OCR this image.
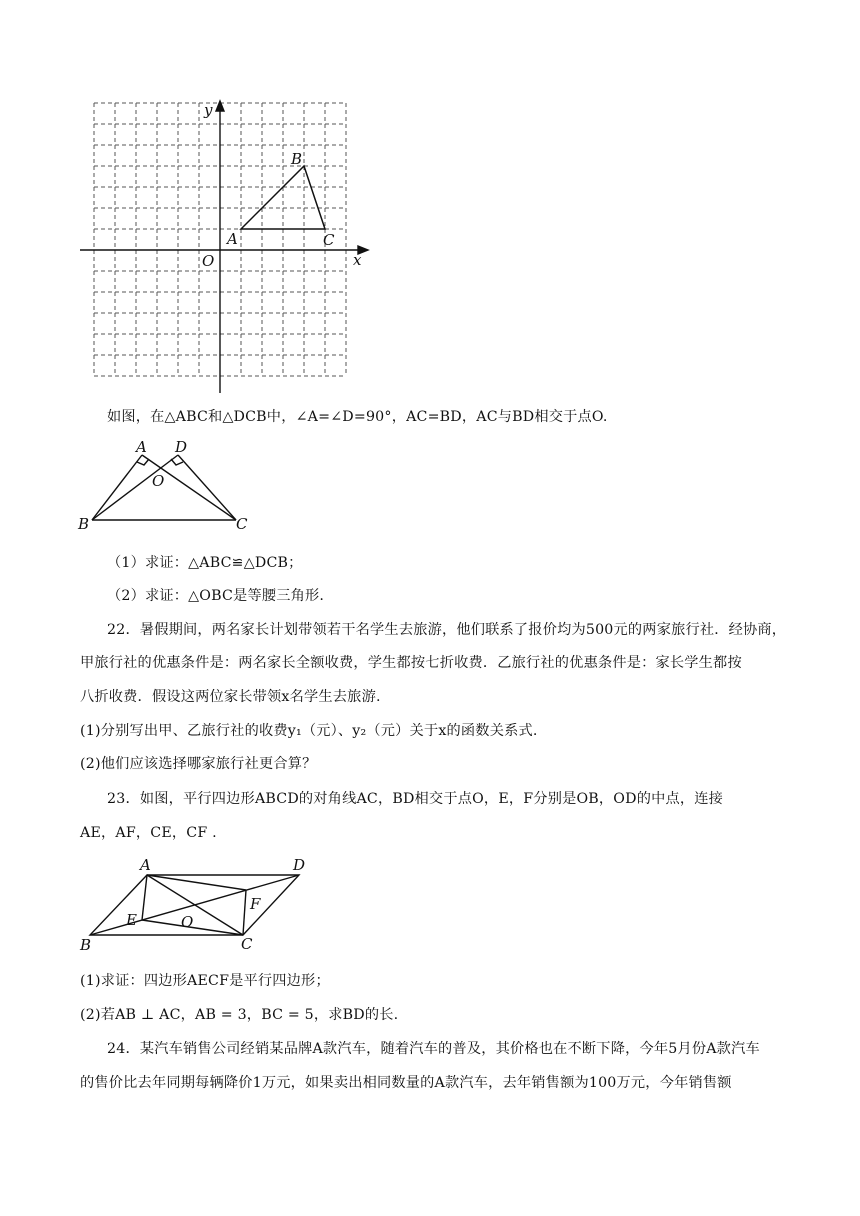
y
x
O
A
B
C
如图，在△ABC和△DCB中，∠A=∠D=90°，AC=BD，AC与BD相交于点O.
A D
O
B	C
（1）求证：△ABC≌△DCB；
（2）求证：△OBC是等腰三角形.
22．暑假期间，两名家长计划带领若干名学生去旅游，他们联系了报价均为500元的两家旅行社．经协商，
甲旅行社的优惠条件是：两名家长全额收费，学生都按七折收费．乙旅行社的优惠条件是：家长学生都按
八折收费．假设这两位家长带领x名学生去旅游.
(1)分别写出甲、乙旅行社的收费y₁（元）、y₂（元）关于x的函数关系式.
(2)他们应该选择哪家旅行社更合算？
23．如图，平行四边形ABCD的对角线AC，BD相交于点O，E，F分别是OB，OD的中点，连接
AE，AF，CE，CF .
A	D
E	O
F
B	C
(1)求证：四边形AECF是平行四边形；
(2)若AB ⊥ AC，AB = 3，BC = 5，求BD的长.
24．某汽车销售公司经销某品牌A款汽车，随着汽车的普及，其价格也在不断下降，今年5月份A款汽车
的售价比去年同期每辆降价1万元，如果卖出相同数量的A款汽车，去年销售额为100万元，今年销售额
